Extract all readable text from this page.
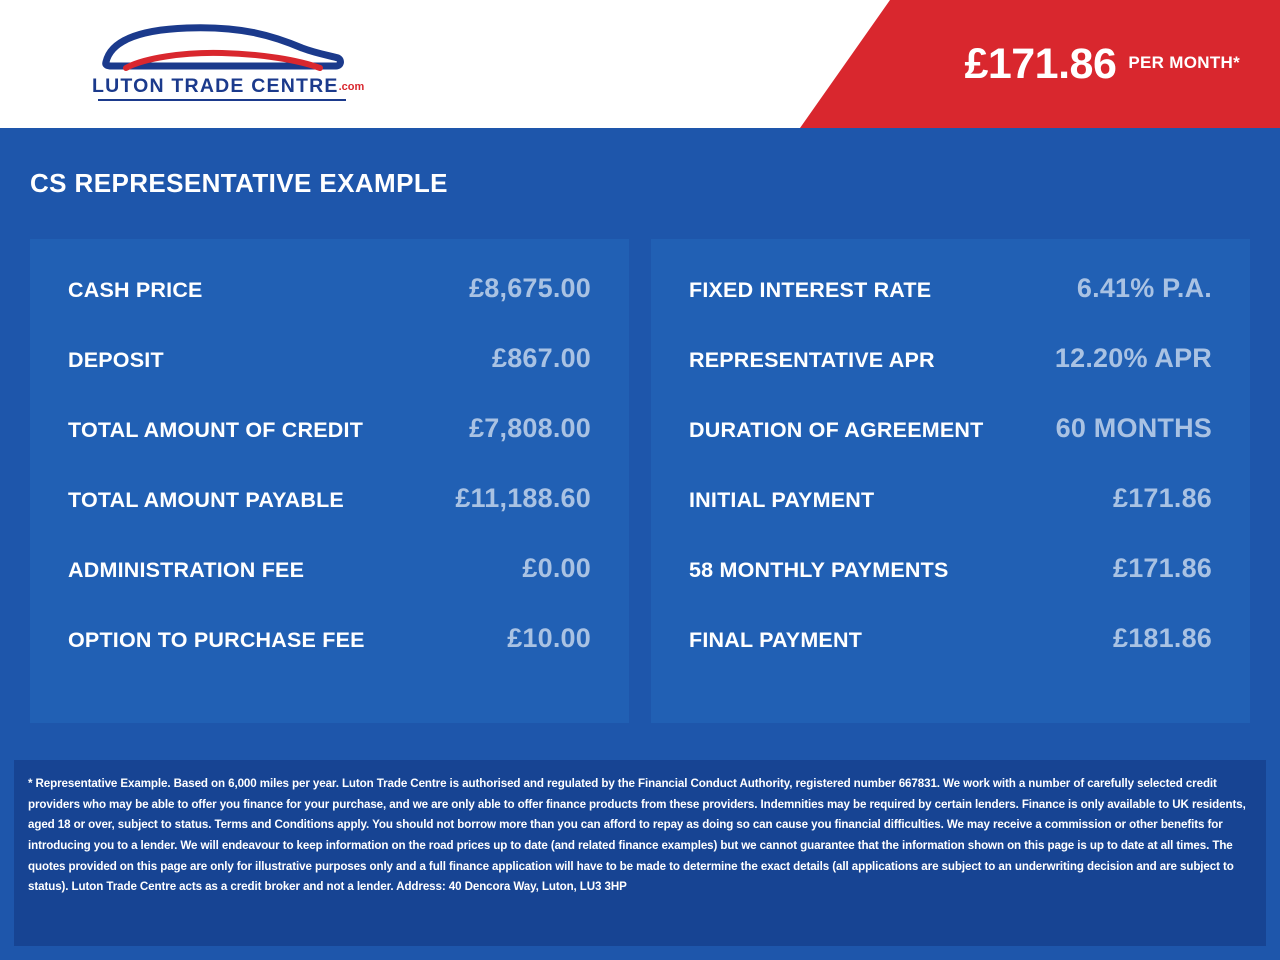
LUTON TRADE CENTRE.com	£171.86 PER MONTH*
CS REPRESENTATIVE EXAMPLE
CASH PRICE	£8,675.00
DEPOSIT	£867.00
TOTAL AMOUNT OF CREDIT	£7,808.00
TOTAL AMOUNT PAYABLE	£11,188.60
ADMINISTRATION FEE	£0.00
OPTION TO PURCHASE FEE	£10.00
FIXED INTEREST RATE	6.41% P.A.
REPRESENTATIVE APR	12.20% APR
DURATION OF AGREEMENT	60 MONTHS
INITIAL PAYMENT	£171.86
58 MONTHLY PAYMENTS	£171.86
FINAL PAYMENT	£181.86

* Representative Example. Based on 6,000 miles per year. Luton Trade Centre is authorised and regulated by the Financial Conduct Authority, registered number 667831. We work with a number of carefully selected credit providers who may be able to offer you finance for your purchase, and we are only able to offer finance products from these providers. Indemnities may be required by certain lenders. Finance is only available to UK residents, aged 18 or over, subject to status. Terms and Conditions apply. You should not borrow more than you can afford to repay as doing so can cause you financial difficulties. We may receive a commission or other benefits for introducing you to a lender. We will endeavour to keep information on the road prices up to date (and related finance examples) but we cannot guarantee that the information shown on this page is up to date at all times. The quotes provided on this page are only for illustrative purposes only and a full finance application will have to be made to determine the exact details (all applications are subject to an underwriting decision and are subject to status). Luton Trade Centre acts as a credit broker and not a lender. Address: 40 Dencora Way, Luton, LU3 3HP
